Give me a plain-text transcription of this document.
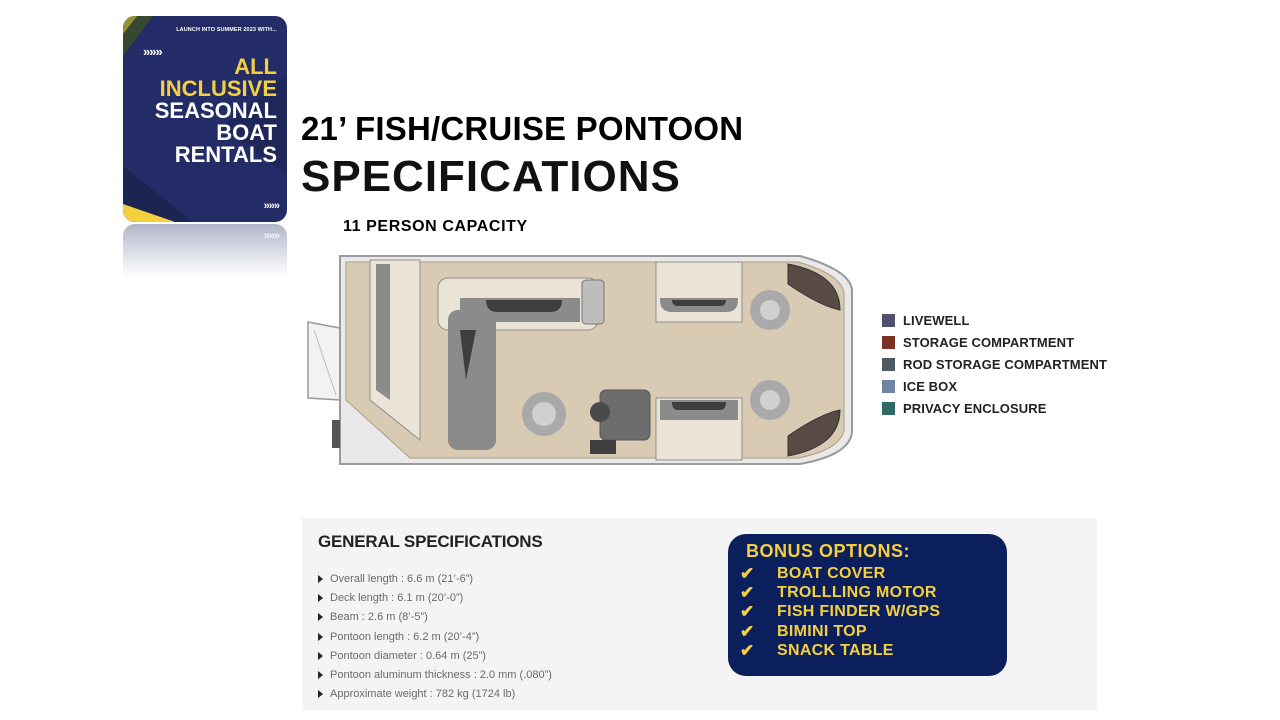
LAUNCH INTO SUMMER 2023 WITH...
»»»
ALL
INCLUSIVE
SEASONAL
BOAT
RENTALS
»»»
»»»
21’ FISH/CRUISE PONTOON
SPECIFICATIONS
11 PERSON CAPACITY
LIVEWELL
STORAGE COMPARTMENT
ROD STORAGE COMPARTMENT
ICE BOX
PRIVACY ENCLOSURE
GENERAL SPECIFICATIONS
Overall length : 6.6 m (21’-6”)
Deck length : 6.1 m (20’-0”)
Beam : 2.6 m (8’-5”)
Pontoon length : 6.2 m (20’-4”)
Pontoon diameter : 0.64 m (25”)
Pontoon aluminum thickness : 2.0 mm (.080”)
Approximate weight : 782 kg (1724 lb)
BONUS OPTIONS:
✔	BOAT COVER
✔	TROLLLING MOTOR
✔	FISH FINDER W/GPS
✔	BIMINI TOP
✔	SNACK TABLE
